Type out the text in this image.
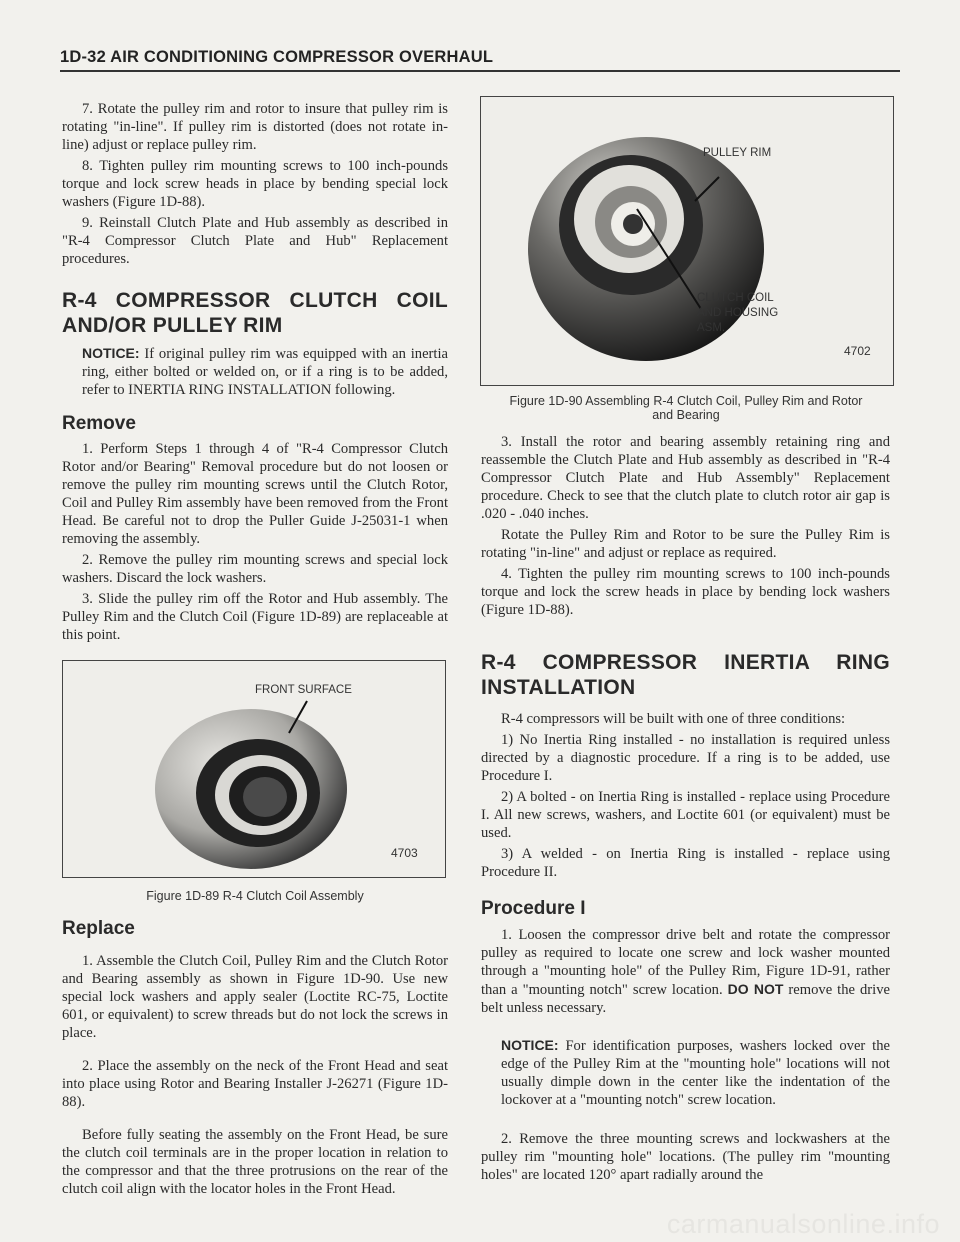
1D-32 AIR CONDITIONING COMPRESSOR OVERHAUL

7. Rotate the pulley rim and rotor to insure that pulley rim is rotating "in-line". If pulley rim is distorted (does not rotate in-line) adjust or replace pulley rim.

8. Tighten pulley rim mounting screws to 100 inch-pounds torque and lock screw heads in place by bending special lock washers (Figure 1D-88).

9. Reinstall Clutch Plate and Hub assembly as described in "R-4 Compressor Clutch Plate and Hub" Replacement procedures.

R-4 COMPRESSOR CLUTCH COIL AND/OR PULLEY RIM

NOTICE: If original pulley rim was equipped with an inertia ring, either bolted or welded on, or if a ring is to be added, refer to INERTIA RING INSTALLATION following.

Remove

1. Perform Steps 1 through 4 of "R-4 Compressor Clutch Rotor and/or Bearing" Removal procedure but do not loosen or remove the pulley rim mounting screws until the Clutch Rotor, Coil and Pulley Rim assembly have been removed from the Front Head. Be careful not to drop the Puller Guide J-25031-1 when removing the assembly.

2. Remove the pulley rim mounting screws and special lock washers. Discard the lock washers.

3. Slide the pulley rim off the Rotor and Hub assembly. The Pulley Rim and the Clutch Coil (Figure 1D-89) are replaceable at this point.

FRONT SURFACE
4703
Figure 1D-89 R-4 Clutch Coil Assembly
Replace

1. Assemble the Clutch Coil, Pulley Rim and the Clutch Rotor and Bearing assembly as shown in Figure 1D-90. Use new special lock washers and apply sealer (Loctite RC-75, Loctite 601, or equivalent) to screw threads but do not lock the screws in place.

2. Place the assembly on the neck of the Front Head and seat into place using Rotor and Bearing Installer J-26271 (Figure 1D-88).

Before fully seating the assembly on the Front Head, be sure the clutch coil terminals are in the proper location in relation to the compressor and that the three protrusions on the rear of the clutch coil align with the locator holes in the Front Head.

PULLEY RIM
CLUTCH COIL
AND HOUSING
ASM.
4702
Figure 1D-90 Assembling R-4 Clutch Coil, Pulley Rim and Rotor
and Bearing

3. Install the rotor and bearing assembly retaining ring and reassemble the Clutch Plate and Hub assembly as described in "R-4 Compressor Clutch Plate and Hub Assembly" Replacement procedure. Check to see that the clutch plate to clutch rotor air gap is .020 - .040 inches.

Rotate the Pulley Rim and Rotor to be sure the Pulley Rim is rotating "in-line" and adjust or replace as required.

4. Tighten the pulley rim mounting screws to 100 inch-pounds torque and lock the screw heads in place by bending lock washers (Figure 1D-88).

R-4 COMPRESSOR INERTIA RING INSTALLATION

R-4 compressors will be built with one of three conditions:

1) No Inertia Ring installed - no installation is required unless directed by a diagnostic procedure. If a ring is to be added, use Procedure I.

2) A bolted - on Inertia Ring is installed - replace using Procedure I. All new screws, washers, and Loctite 601 (or equivalent) must be used.

3) A welded - on Inertia Ring is installed - replace using Procedure II.

Procedure I

1. Loosen the compressor drive belt and rotate the compressor pulley as required to locate one screw and lock washer mounted through a "mounting hole" of the Pulley Rim, Figure 1D-91, rather than a "mounting notch" screw location. DO NOT remove the drive belt unless necessary.

NOTICE: For identification purposes, washers locked over the edge of the Pulley Rim at the "mounting hole" locations will not usually dimple down in the center like the indentation of the lockover at a "mounting notch" screw location.

2. Remove the three mounting screws and lockwashers at the pulley rim "mounting hole" locations. (The pulley rim "mounting holes" are located 120° apart radially around the

carmanualsonline.info
